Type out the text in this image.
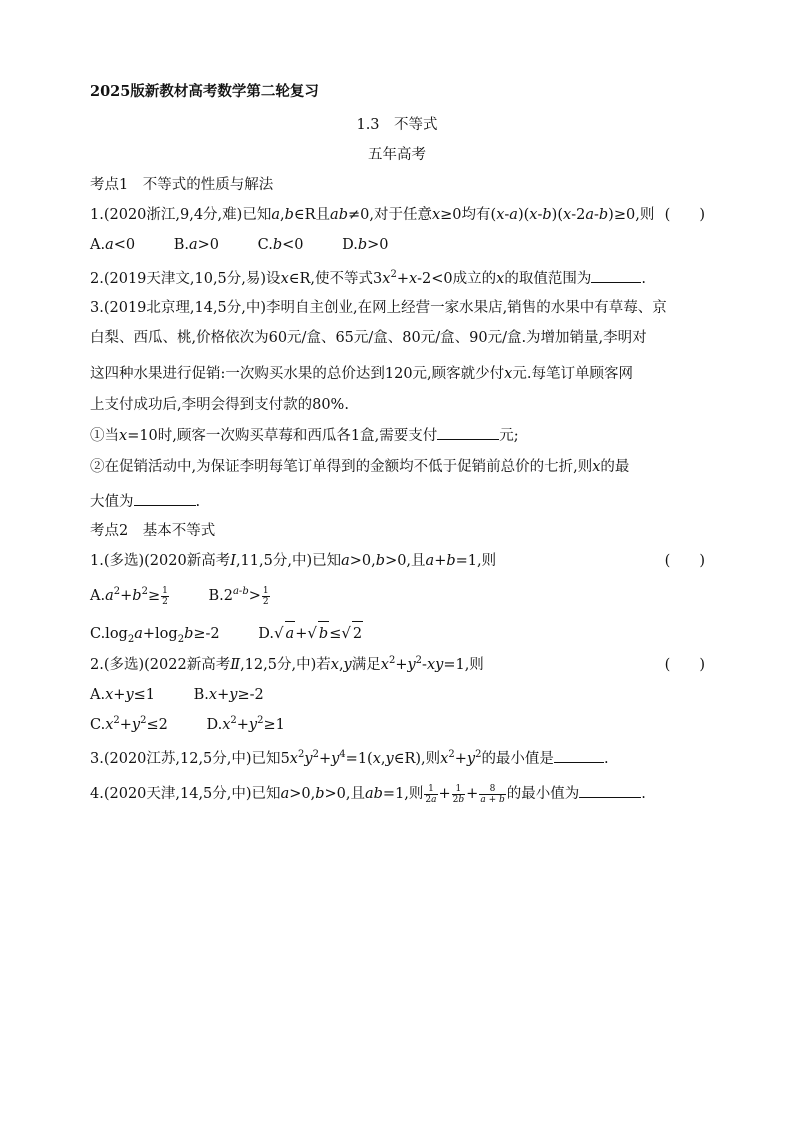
2025版新教材高考数学第二轮复习
1.3　不等式
五年高考
考点1　不等式的性质与解法
1.(2020浙江,9,4分,难)已知a,b∈R且ab≠0,对于任意x≥0均有(x-a)(x-b)(x-2a-b)≥0,则 (　　)
A.a<0	B.a>0	C.b<0	D.b>0
2.(2019天津文,10,5分,易)设x∈R,使不等式$3x^2+x-2<0$成立的x的取值范围为	.
3.(2019北京理,14,5分,中)李明自主创业,在网上经营一家水果店,销售的水果中有草莓、京
白梨、西瓜、桃,价格依次为60元/盒、65元/盒、80元/盒、90元/盒.为增加销量,李明对
这四种水果进行促销:一次购买水果的总价达到120元,顾客就少付x元.每笔订单顾客网
上支付成功后,李明会得到支付款的80%.
①当x=10时,顾客一次购买草莓和西瓜各1盒,需要支付	元;
②在促销活动中,为保证李明每笔订单得到的金额均不低于促销前总价的七折,则x的最
大值为	.
考点2　基本不等式
1.(多选)(2020新高考Ⅰ,11,5分,中)已知a>0,b>0,且a+b=1,则	(　　)
$A.a^2+b^2\ge \frac{1}{2}$	$B.2^{a-b}> \frac{1}{2}$
$C.\log_2a+\log_2b\ge-2$	D.√ a+√ b≤√ 2
2.(多选)(2022新高考Ⅱ,12,5分,中)若x,y满足$x^2+y^2-xy=1$,则	(　　)
A.x+y≤1	B.x+y≥-2
$C.x^2+y^2\le 2$	$D.x^2+y^2\ge 1$
3.(2020江苏,12,5分,中)已知$5x^2y^2+y^4=1(x,y\in R)$,则$x^2+y^2$的最小值是	.
4.(2020天津,14,5分,中)已知a>0,b>0,且ab=1,则 $\frac{1}{2a} + \frac{1}{2b} + \frac{8}{a + b}$ 的最小值为	.
